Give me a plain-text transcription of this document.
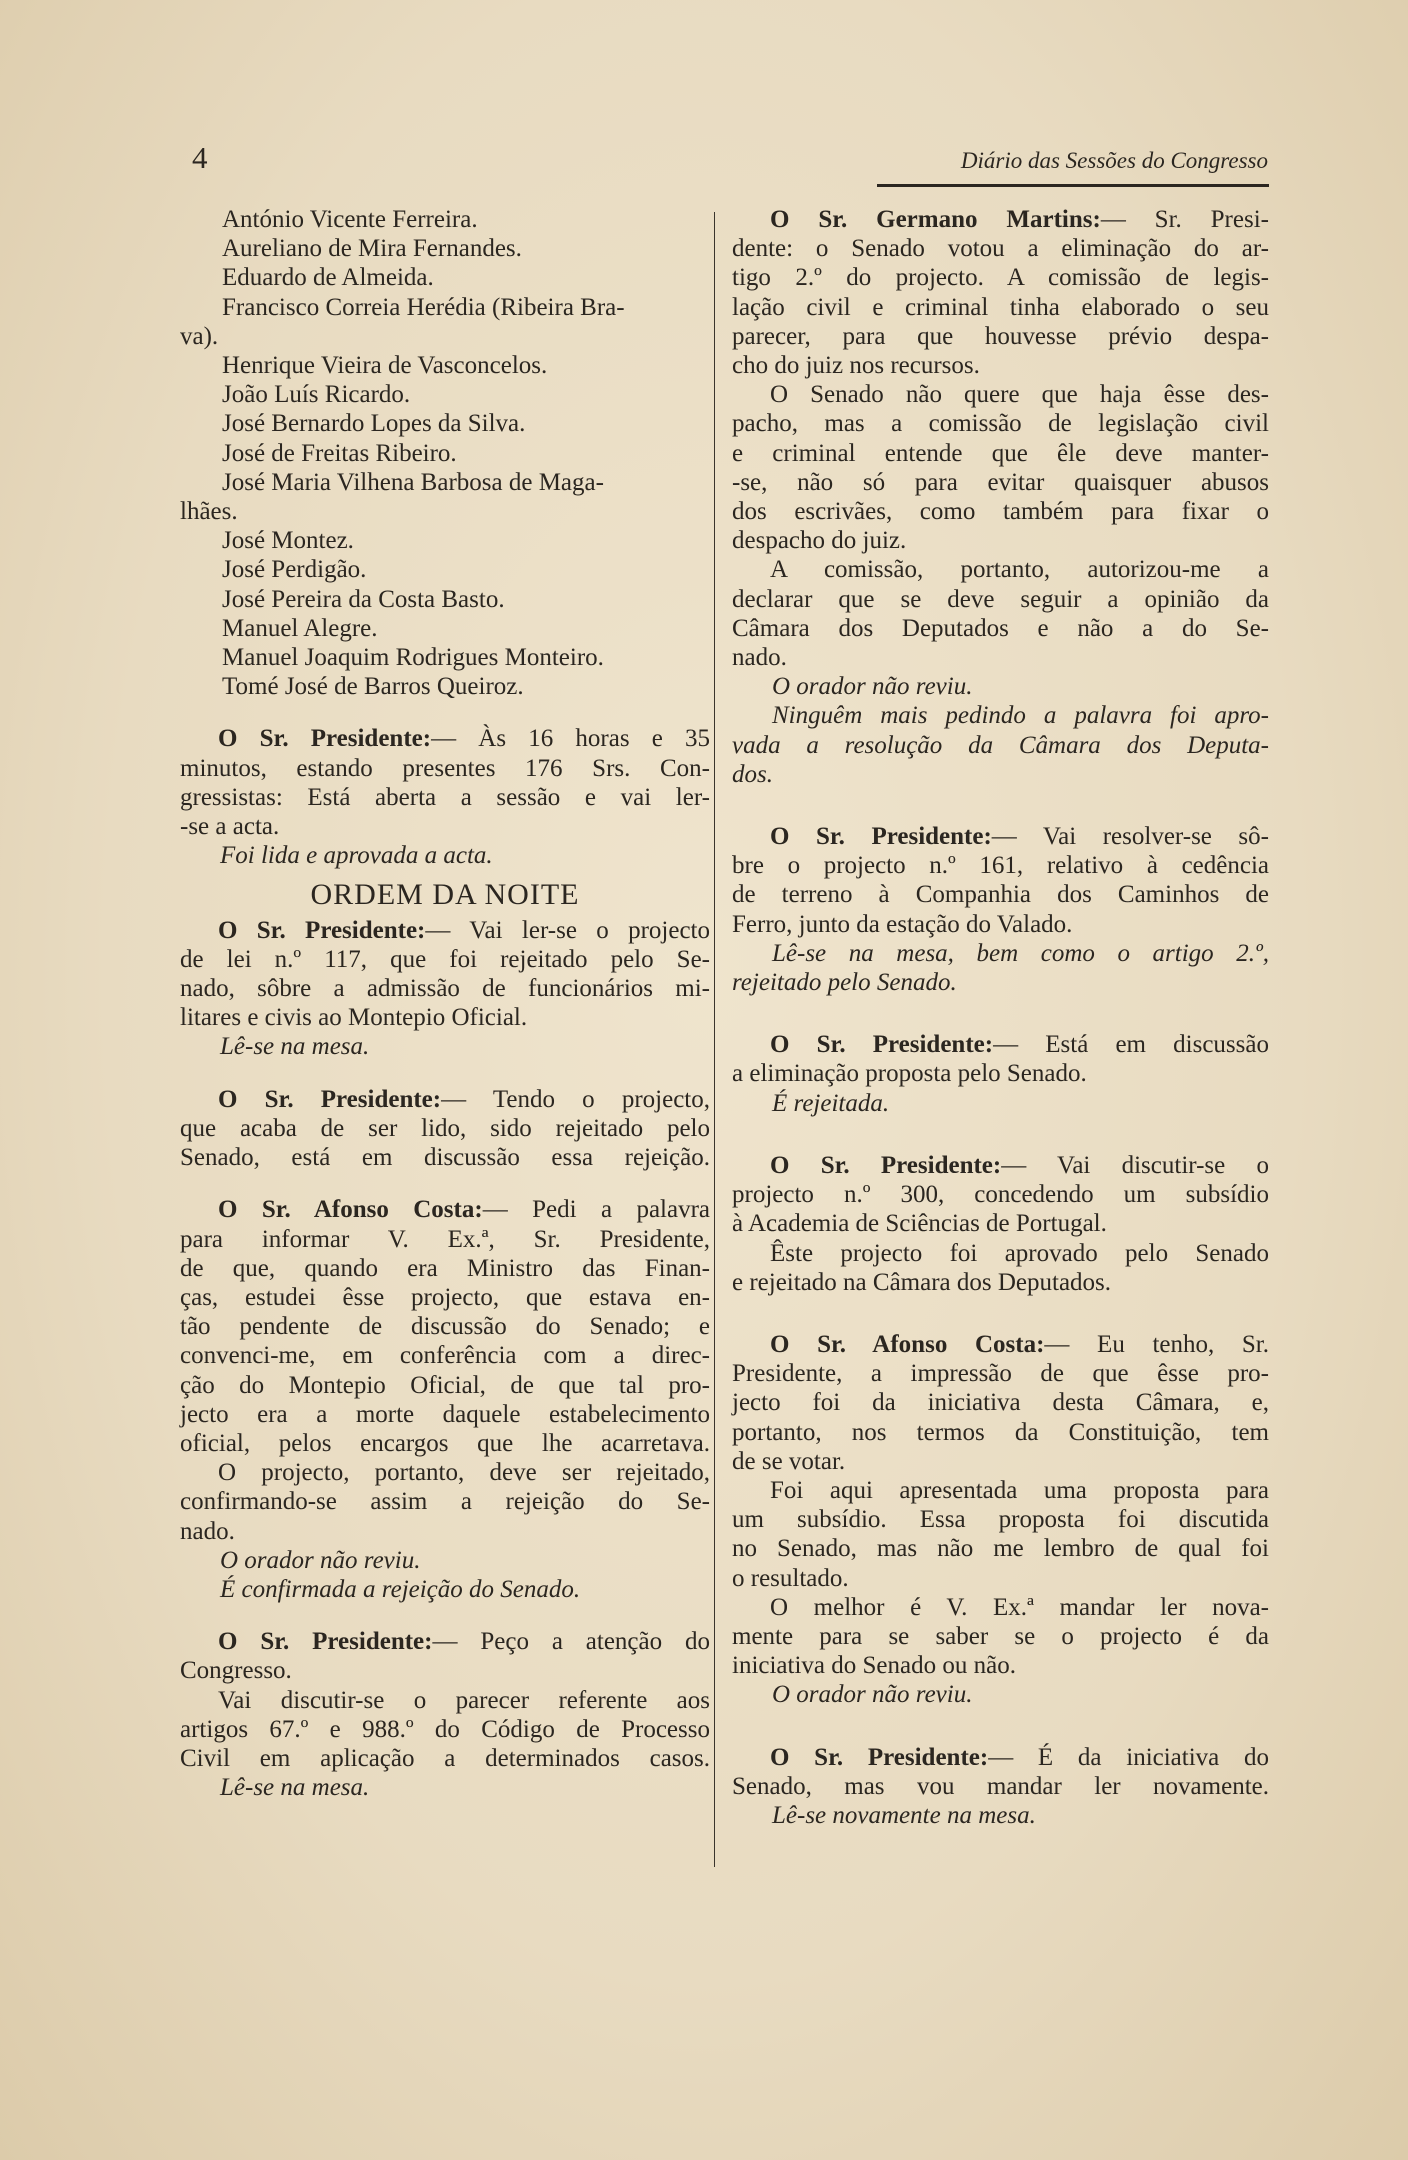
4	Diário das Sessões do Congresso
António Vicente Ferreira.
Aureliano de Mira Fernandes.
Eduardo de Almeida.
Francisco Correia Herédia (Ribeira Bra-
va).
Henrique Vieira de Vasconcelos.
João Luís Ricardo.
José Bernardo Lopes da Silva.
José de Freitas Ribeiro.
José Maria Vilhena Barbosa de Maga-
lhães.
José Montez.
José Perdigão.
José Pereira da Costa Basto.
Manuel Alegre.
Manuel Joaquim Rodrigues Monteiro.
Tomé José de Barros Queiroz.
O Sr. Presidente:— Às 16 horas e 35
minutos, estando presentes 176 Srs. Con-
gressistas: Está aberta a sessão e vai ler-
-se a acta.
Foi lida e aprovada a acta.
ORDEM DA NOITE
O Sr. Presidente:— Vai ler-se o projecto
de lei n.º 117, que foi rejeitado pelo Se-
nado, sôbre a admissão de funcionários mi-
litares e civis ao Montepio Oficial.
Lê-se na mesa.
O Sr. Presidente:— Tendo o projecto,
que acaba de ser lido, sido rejeitado pelo
Senado, está em discussão essa rejeição.
O Sr. Afonso Costa:— Pedi a palavra
para informar V. Ex.ª, Sr. Presidente,
de que, quando era Ministro das Finan-
ças, estudei êsse projecto, que estava en-
tão pendente de discussão do Senado; e
convenci-me, em conferência com a direc-
ção do Montepio Oficial, de que tal pro-
jecto era a morte daquele estabelecimento
oficial, pelos encargos que lhe acarretava.
O projecto, portanto, deve ser rejeitado,
confirmando-se assim a rejeição do Se-
nado.
O orador não reviu.
É confirmada a rejeição do Senado.
O Sr. Presidente:— Peço a atenção do
Congresso.
Vai discutir-se o parecer referente aos
artigos 67.º e 988.º do Código de Processo
Civil em aplicação a determinados casos.
Lê-se na mesa.
O Sr. Germano Martins:— Sr. Presi-
dente: o Senado votou a eliminação do ar-
tigo 2.º do projecto. A comissão de legis-
lação civil e criminal tinha elaborado o seu
parecer, para que houvesse prévio despa-
cho do juiz nos recursos.
O Senado não quere que haja êsse des-
pacho, mas a comissão de legislação civil
e criminal entende que êle deve manter-
-se, não só para evitar quaisquer abusos
dos escrivães, como também para fixar o
despacho do juiz.
A comissão, portanto, autorizou-me a
declarar que se deve seguir a opinião da
Câmara dos Deputados e não a do Se-
nado.
O orador não reviu.
Ninguêm mais pedindo a palavra foi apro-
vada a resolução da Câmara dos Deputa-
dos.
O Sr. Presidente:— Vai resolver-se sô-
bre o projecto n.º 161, relativo à cedência
de terreno à Companhia dos Caminhos de
Ferro, junto da estação do Valado.
Lê-se na mesa, bem como o artigo 2.º,
rejeitado pelo Senado.
O Sr. Presidente:— Está em discussão
a eliminação proposta pelo Senado.
É rejeitada.
O Sr. Presidente:— Vai discutir-se o
projecto n.º 300, concedendo um subsídio
à Academia de Sciências de Portugal.
Êste projecto foi aprovado pelo Senado
e rejeitado na Câmara dos Deputados.
O Sr. Afonso Costa:— Eu tenho, Sr.
Presidente, a impressão de que êsse pro-
jecto foi da iniciativa desta Câmara, e,
portanto, nos termos da Constituição, tem
de se votar.
Foi aqui apresentada uma proposta para
um subsídio. Essa proposta foi discutida
no Senado, mas não me lembro de qual foi
o resultado.
O melhor é V. Ex.ª mandar ler nova-
mente para se saber se o projecto é da
iniciativa do Senado ou não.
O orador não reviu.
O Sr. Presidente:— É da iniciativa do
Senado, mas vou mandar ler novamente.
Lê-se novamente na mesa.
